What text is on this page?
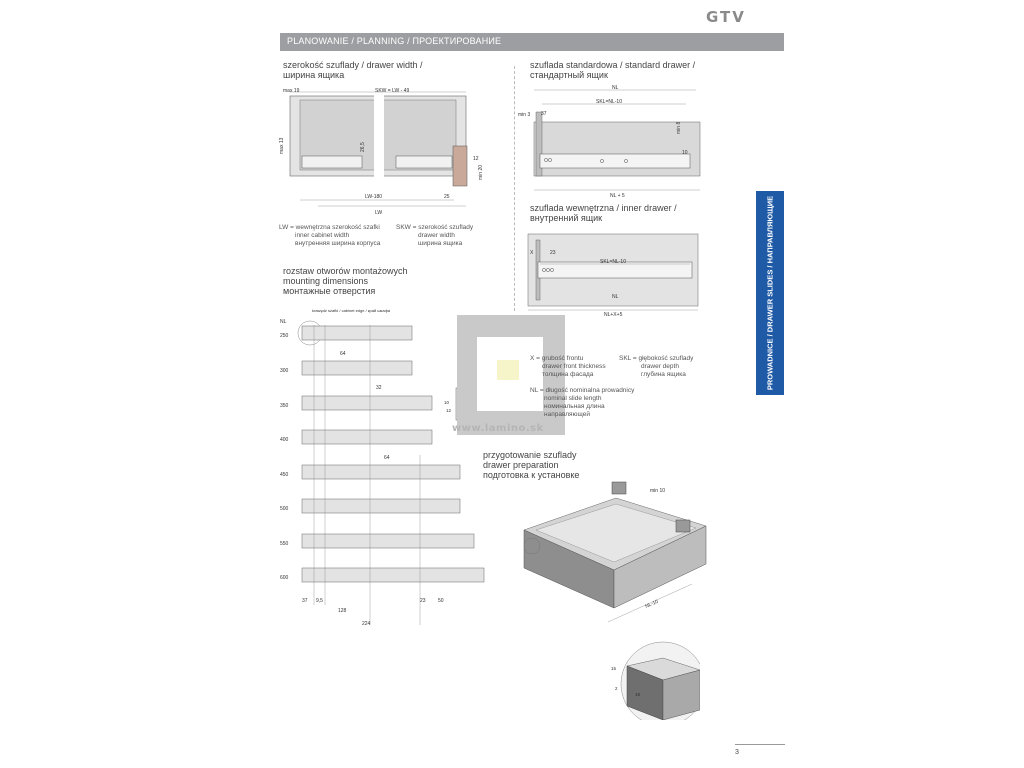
GTV
PLANOWANIE / PLANNING / ПРОЕКТИРОВАНИЕ
szerokość szuflady / drawer width /
ширина ящика
szuflada standardowa / standard drawer /
стандартный ящик
szuflada wewnętrzna / inner drawer /
внутренний ящик
rozstaw otworów montażowych
mounting dimensions
монтажные отверстия
przygotowanie szuflady
drawer preparation
подготовка к установке
max 19	SKW = LW - 49
max 13	26,5
12
min 20
LW-180	25
LW
LW = wewnętrzna szerokość szafki
inner cabinet width
внутренняя ширина корпуса
SKW = szerokość szuflady
drawer width
ширина ящика
NL
SKL=NL-10
min 3 37
min 8
10
NL + 5
X	23
SKL=NL-10
NL
NL+X+5
krawędź szafki / cabinet edge / край шкафа
NL
250
300
350
400
450
500
550
600
64
32
64
37 9,5	23 50
128
224
10
12
www.lamino.sk
X = grubość frontu
drawer front thickness
толщина фасада
SKL = głębokość szuflady
drawer depth
глубина ящика
NL = długość nominalna prowadnicy
nominal slide length
номинальная длина
направляющей
NL-10
min 10
15
2
18
PROWADNICE / DRAWER SLIDES / НАПРАВЛЯЮЩИЕ
3
